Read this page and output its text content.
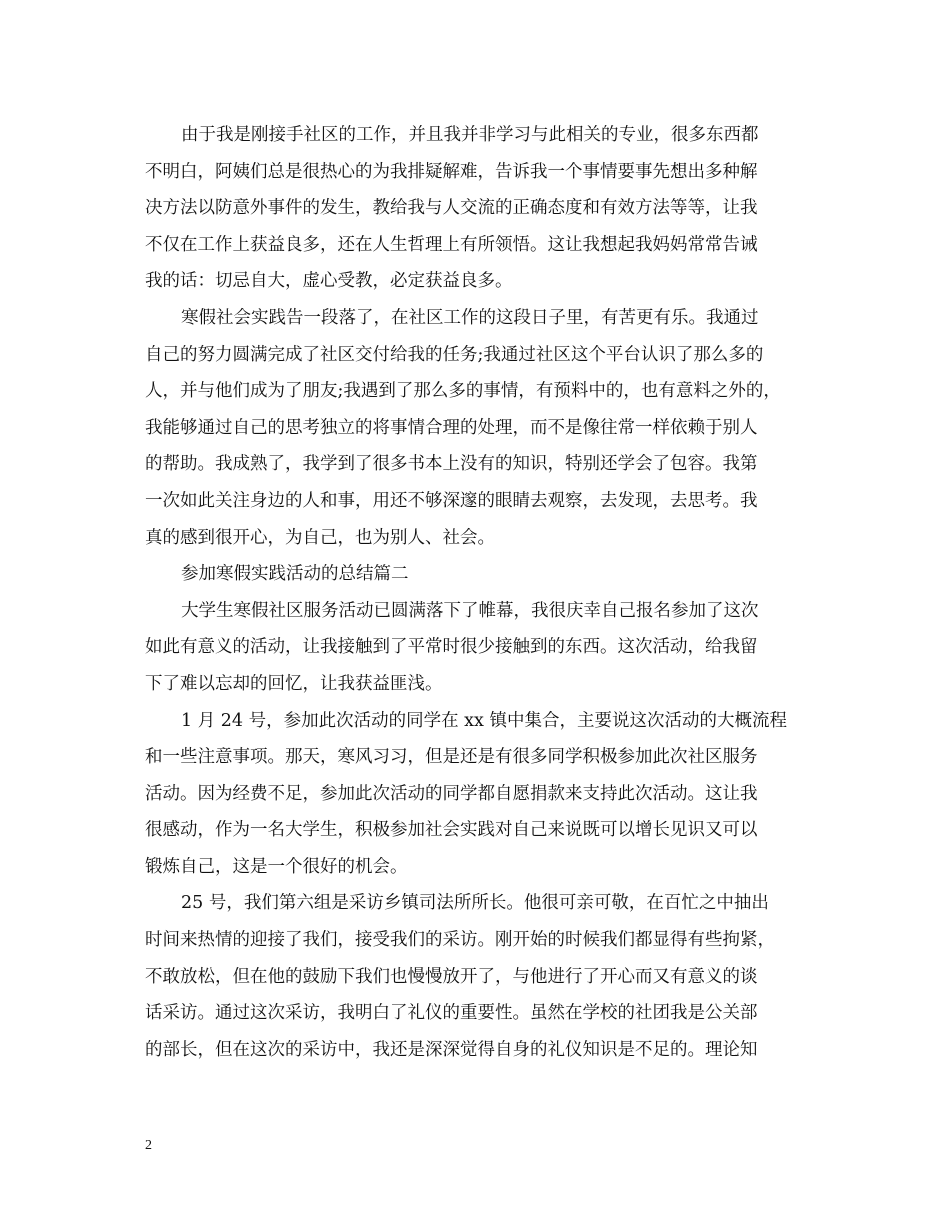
由于我是刚接手社区的工作，并且我并非学习与此相关的专业，很多东西都
不明白，阿姨们总是很热心的为我排疑解难，告诉我一个事情要事先想出多种解
决方法以防意外事件的发生，教给我与人交流的正确态度和有效方法等等，让我
不仅在工作上获益良多，还在人生哲理上有所领悟。这让我想起我妈妈常常告诫
我的话：切忌自大，虚心受教，必定获益良多。
寒假社会实践告一段落了，在社区工作的这段日子里，有苦更有乐。我通过
自己的努力圆满完成了社区交付给我的任务;我通过社区这个平台认识了那么多的
人，并与他们成为了朋友;我遇到了那么多的事情，有预料中的，也有意料之外的，
我能够通过自己的思考独立的将事情合理的处理，而不是像往常一样依赖于别人
的帮助。我成熟了，我学到了很多书本上没有的知识，特别还学会了包容。我第
一次如此关注身边的人和事，用还不够深邃的眼睛去观察，去发现，去思考。我
真的感到很开心，为自己，也为别人、社会。
参加寒假实践活动的总结篇二
大学生寒假社区服务活动已圆满落下了帷幕，我很庆幸自己报名参加了这次
如此有意义的活动，让我接触到了平常时很少接触到的东西。这次活动，给我留
下了难以忘却的回忆，让我获益匪浅。
1 月 24 号，参加此次活动的同学在 xx 镇中集合，主要说这次活动的大概流程
和一些注意事项。那天，寒风习习，但是还是有很多同学积极参加此次社区服务
活动。因为经费不足，参加此次活动的同学都自愿捐款来支持此次活动。这让我
很感动，作为一名大学生，积极参加社会实践对自己来说既可以增长见识又可以
锻炼自己，这是一个很好的机会。
25 号，我们第六组是采访乡镇司法所所长。他很可亲可敬，在百忙之中抽出
时间来热情的迎接了我们，接受我们的采访。刚开始的时候我们都显得有些拘紧，
不敢放松，但在他的鼓励下我们也慢慢放开了，与他进行了开心而又有意义的谈
话采访。通过这次采访，我明白了礼仪的重要性。虽然在学校的社团我是公关部
的部长，但在这次的采访中，我还是深深觉得自身的礼仪知识是不足的。理论知
2
